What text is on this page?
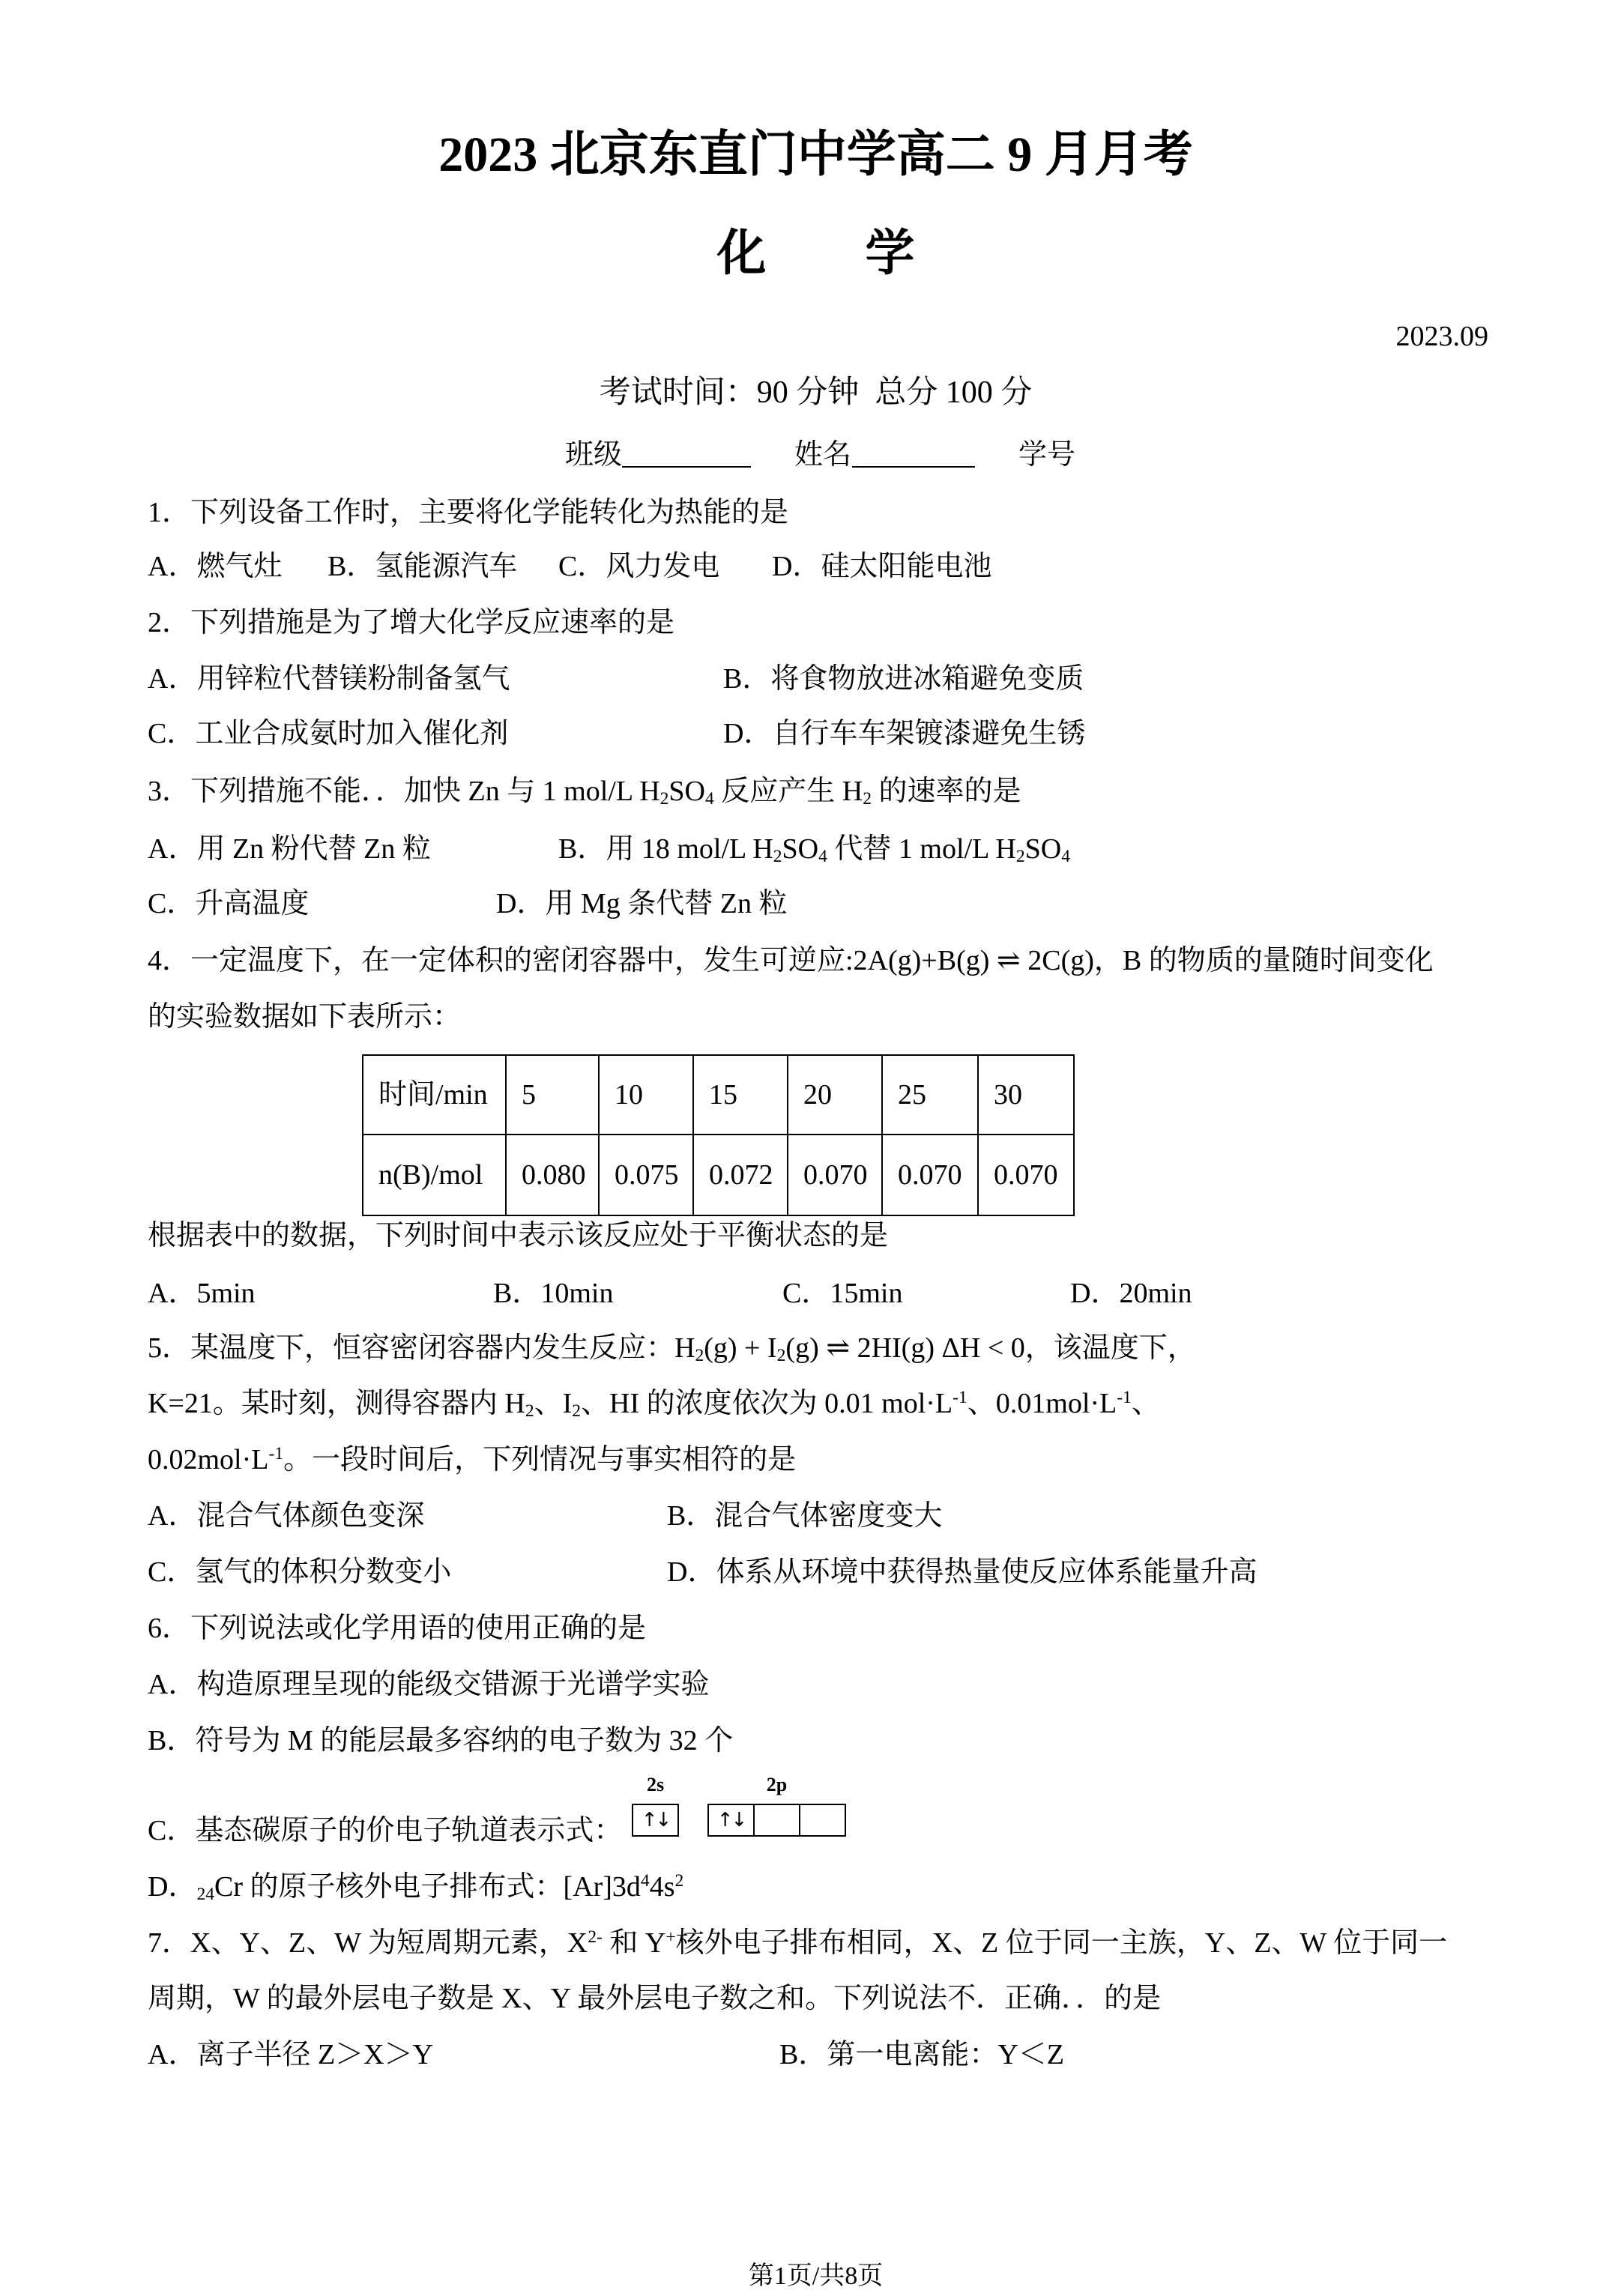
2023 北京东直门中学高二 9 月月考
化　　学
2023.09
考试时间：90 分钟  总分 100 分
班级	姓名	学号
1．下列设备工作时，主要将化学能转化为热能的是
A．燃气灶 B．氢能源汽车 C．风力发电 D．硅太阳能电池
2．下列措施是为了增大化学反应速率的是
A．用锌粒代替镁粉制备氢气	B．将食物放进冰箱避免变质
C．工业合成氨时加入催化剂	D．自行车车架镀漆避免生锈
3．下列措施不能．．加快 Zn 与 1 mol/L $H_2SO_4$ 反应产生 $H_2$ 的速率的是
A．用 Zn 粉代替 Zn 粒	B．用 18 mol/L $H_2SO_4$ 代替 1 mol/L $H_2SO_4$
C．升高温度	D．用 Mg 条代替 Zn 粒
4．一定温度下，在一定体积的密闭容器中，发生可逆应:2A(g)+B(g) ⇌ 2C(g)，B 的物质的量随时间变化
的实验数据如下表所示：
时间/min	5	10	15	20	25	30
n(B)/mol	0.080	0.075	0.072	0.070	0.070	0.070
根据表中的数据，下列时间中表示该反应处于平衡状态的是
A．5min	B．10min	C．15min	D．20min
5．某温度下，恒容密闭容器内发生反应：$H_2(g) + I_2(g)$ ⇌ 2HI(g) ΔH < 0，该温度下，
K=21。某时刻，测得容器内 $H_2$、$I_2$、HI 的浓度依次为 0.01 $mol\cdot L^{-1}$、$0.01mol\cdot L^{-1}$、
$0.02mol\cdot L^{-1}$。一段时间后，下列情况与事实相符的是
A．混合气体颜色变深	B．混合气体密度变大
C．氢气的体积分数变小	D．体系从环境中获得热量使反应体系能量升高
6．下列说法或化学用语的使用正确的是
A．构造原理呈现的能级交错源于光谱学实验
B．符号为 M 的能层最多容纳的电子数为 32 个
C．基态碳原子的价电子轨道表示式：
2s
↑↓
2p
↑↓
D．$_{24}$Cr 的原子核外电子排布式：$[Ar]3d^44s^2$
7．X、Y、Z、W 为短周期元素，$X^{2-}$ 和 Y+核外电子排布相同，X、Z 位于同一主族，Y、Z、W 位于同一
周期，W 的最外层电子数是 X、Y 最外层电子数之和。下列说法不．正确．．的是
A．离子半径 Z＞X＞Y	B．第一电离能：Y＜Z
第1页/共8页
